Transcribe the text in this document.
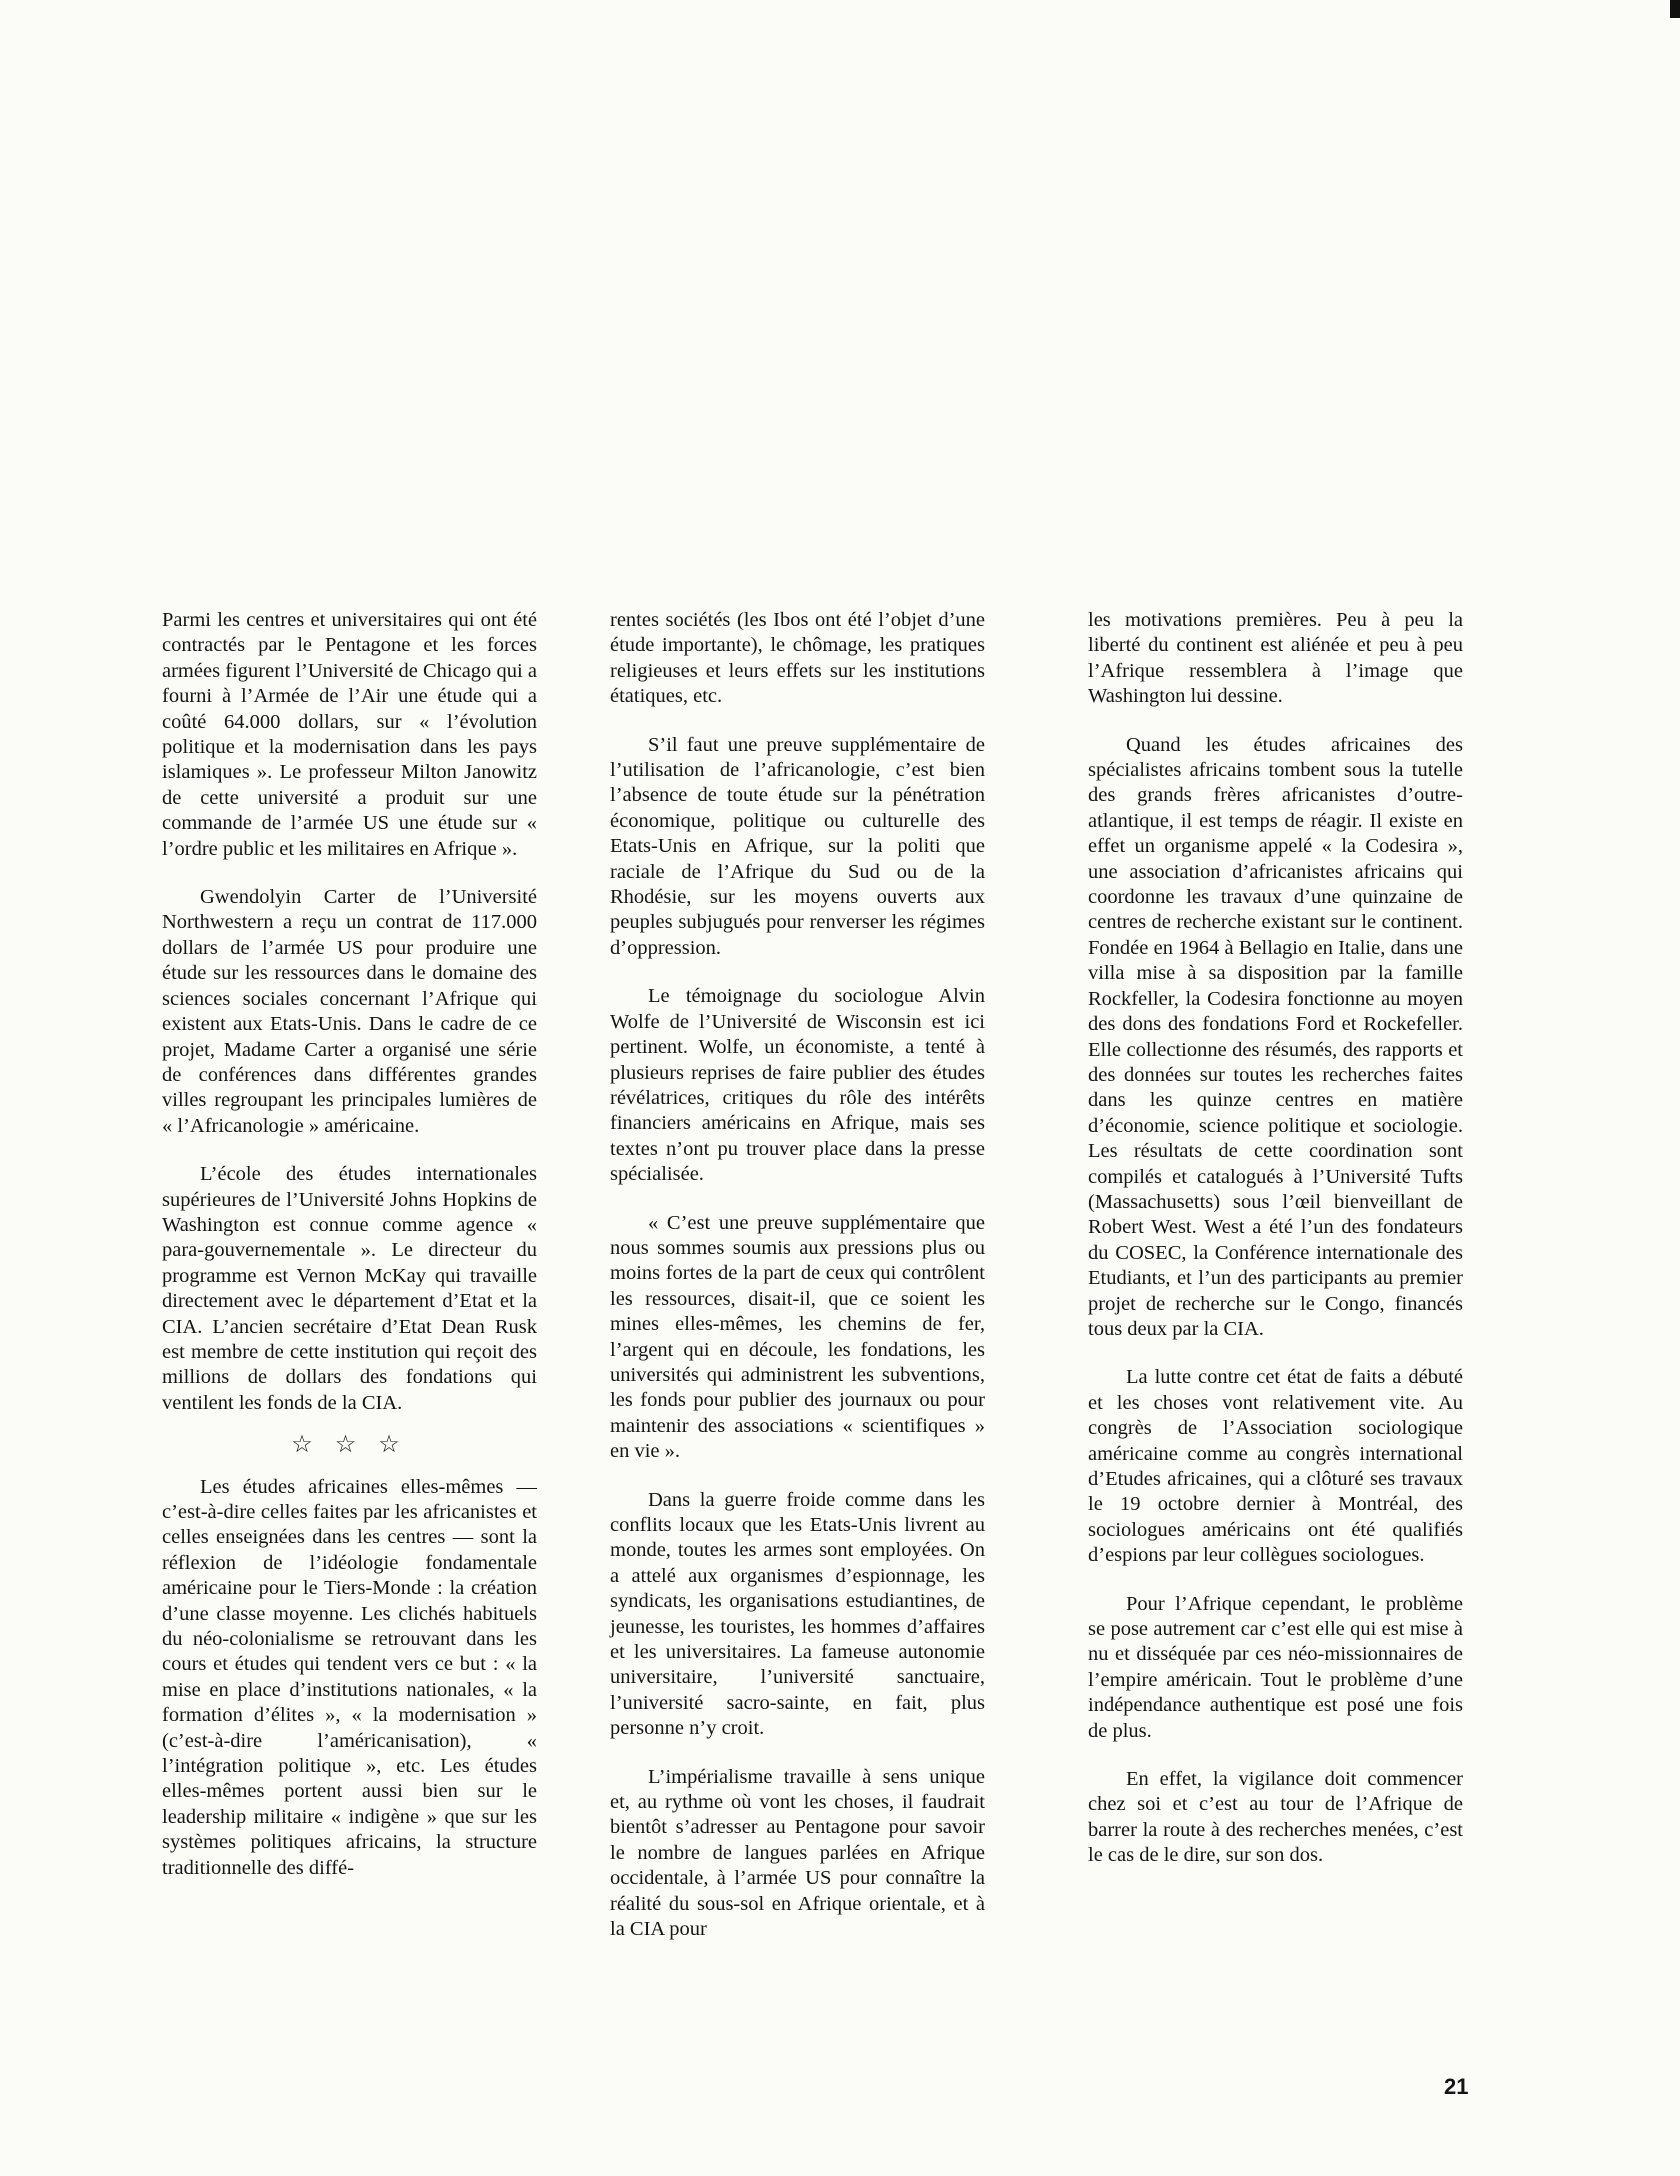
Parmi les centres et universitaires qui ont été contractés par le Pentagone et les forces armées figurent l’Université de Chicago qui a fourni à l’Armée de l’Air une étude qui a coûté 64.000 dollars, sur « l’évolution politique et la modernisation dans les pays islamiques ». Le professeur Milton Janowitz de cette université a produit sur une commande de l’armée US une étude sur « l’ordre public et les militaires en Afrique ».

Gwendolyin Carter de l’Université Northwestern a reçu un contrat de 117.000 dollars de l’armée US pour produire une étude sur les ressources dans le domaine des sciences sociales concernant l’Afrique qui existent aux Etats-Unis. Dans le cadre de ce projet, Madame Carter a organisé une série de conférences dans différentes grandes villes regroupant les principales lumières de « l’Africanologie » américaine.

L’école des études internationales supérieures de l’Université Johns Hopkins de Washington est connue comme agence « para-gouvernementale ». Le directeur du programme est Vernon McKay qui travaille directement avec le département d’Etat et la CIA. L’ancien secrétaire d’Etat Dean Rusk est membre de cette institution qui reçoit des millions de dollars des fondations qui ventilent les fonds de la CIA.

☆ ☆ ☆

Les études africaines elles-mêmes — c’est-à-dire celles faites par les africanistes et celles enseignées dans les centres — sont la réflexion de l’idéologie fondamentale américaine pour le Tiers-Monde : la création d’une classe moyenne. Les clichés habituels du néo-colonialisme se retrouvant dans les cours et études qui tendent vers ce but : « la mise en place d’institutions nationales, « la formation d’élites », « la modernisation » (c’est-à-dire l’américanisation), « l’intégration politique », etc. Les études elles-mêmes portent aussi bien sur le leadership militaire « indigène » que sur les systèmes politiques africains, la structure traditionnelle des diffé-

rentes sociétés (les Ibos ont été l’objet d’une étude importante), le chômage, les pratiques religieuses et leurs effets sur les institutions étatiques, etc.

S’il faut une preuve supplémentaire de l’utilisation de l’africanologie, c’est bien l’absence de toute étude sur la pénétration économique, politique ou culturelle des Etats-Unis en Afrique, sur la politi que raciale de l’Afrique du Sud ou de la Rhodésie, sur les moyens ouverts aux peuples subjugués pour renverser les régimes d’oppression.

Le témoignage du sociologue Alvin Wolfe de l’Université de Wisconsin est ici pertinent. Wolfe, un économiste, a tenté à plusieurs reprises de faire publier des études révélatrices, critiques du rôle des intérêts financiers américains en Afrique, mais ses textes n’ont pu trouver place dans la presse spécialisée.

« C’est une preuve supplémentaire que nous sommes soumis aux pressions plus ou moins fortes de la part de ceux qui contrôlent les ressources, disait-il, que ce soient les mines elles-mêmes, les chemins de fer, l’argent qui en découle, les fondations, les universités qui administrent les subventions, les fonds pour publier des journaux ou pour maintenir des associations « scientifiques » en vie ».

Dans la guerre froide comme dans les conflits locaux que les Etats-Unis livrent au monde, toutes les armes sont employées. On a attelé aux organismes d’espionnage, les syndicats, les organisations estudiantines, de jeunesse, les touristes, les hommes d’affaires et les universitaires. La fameuse autonomie universitaire, l’université sanctuaire, l’université sacro-sainte, en fait, plus personne n’y croit.

L’impérialisme travaille à sens unique et, au rythme où vont les choses, il faudrait bientôt s’adresser au Pentagone pour savoir le nombre de langues parlées en Afrique occidentale, à l’armée US pour connaître la réalité du sous-sol en Afrique orientale, et à la CIA pour

les motivations premières. Peu à peu la liberté du continent est aliénée et peu à peu l’Afrique ressemblera à l’image que Washington lui dessine.

Quand les études africaines des spécialistes africains tombent sous la tutelle des grands frères africanistes d’outre-atlantique, il est temps de réagir. Il existe en effet un organisme appelé « la Codesira », une association d’africanistes africains qui coordonne les travaux d’une quinzaine de centres de recherche existant sur le continent. Fondée en 1964 à Bellagio en Italie, dans une villa mise à sa disposition par la famille Rockfeller, la Codesira fonctionne au moyen des dons des fondations Ford et Rockefeller. Elle collectionne des résumés, des rapports et des données sur toutes les recherches faites dans les quinze centres en matière d’économie, science politique et sociologie. Les résultats de cette coordination sont compilés et catalogués à l’Université Tufts (Massachusetts) sous l’œil bienveillant de Robert West. West a été l’un des fondateurs du COSEC, la Conférence internationale des Etudiants, et l’un des participants au premier projet de recherche sur le Congo, financés tous deux par la CIA.

La lutte contre cet état de faits a débuté et les choses vont relativement vite. Au congrès de l’Association sociologique américaine comme au congrès international d’Etudes africaines, qui a clôturé ses travaux le 19 octobre dernier à Montréal, des sociologues américains ont été qualifiés d’espions par leur collègues sociologues.

Pour l’Afrique cependant, le problème se pose autrement car c’est elle qui est mise à nu et disséquée par ces néo-missionnaires de l’empire américain. Tout le problème d’une indépendance authentique est posé une fois de plus.

En effet, la vigilance doit commencer chez soi et c’est au tour de l’Afrique de barrer la route à des recherches menées, c’est le cas de le dire, sur son dos.

21
